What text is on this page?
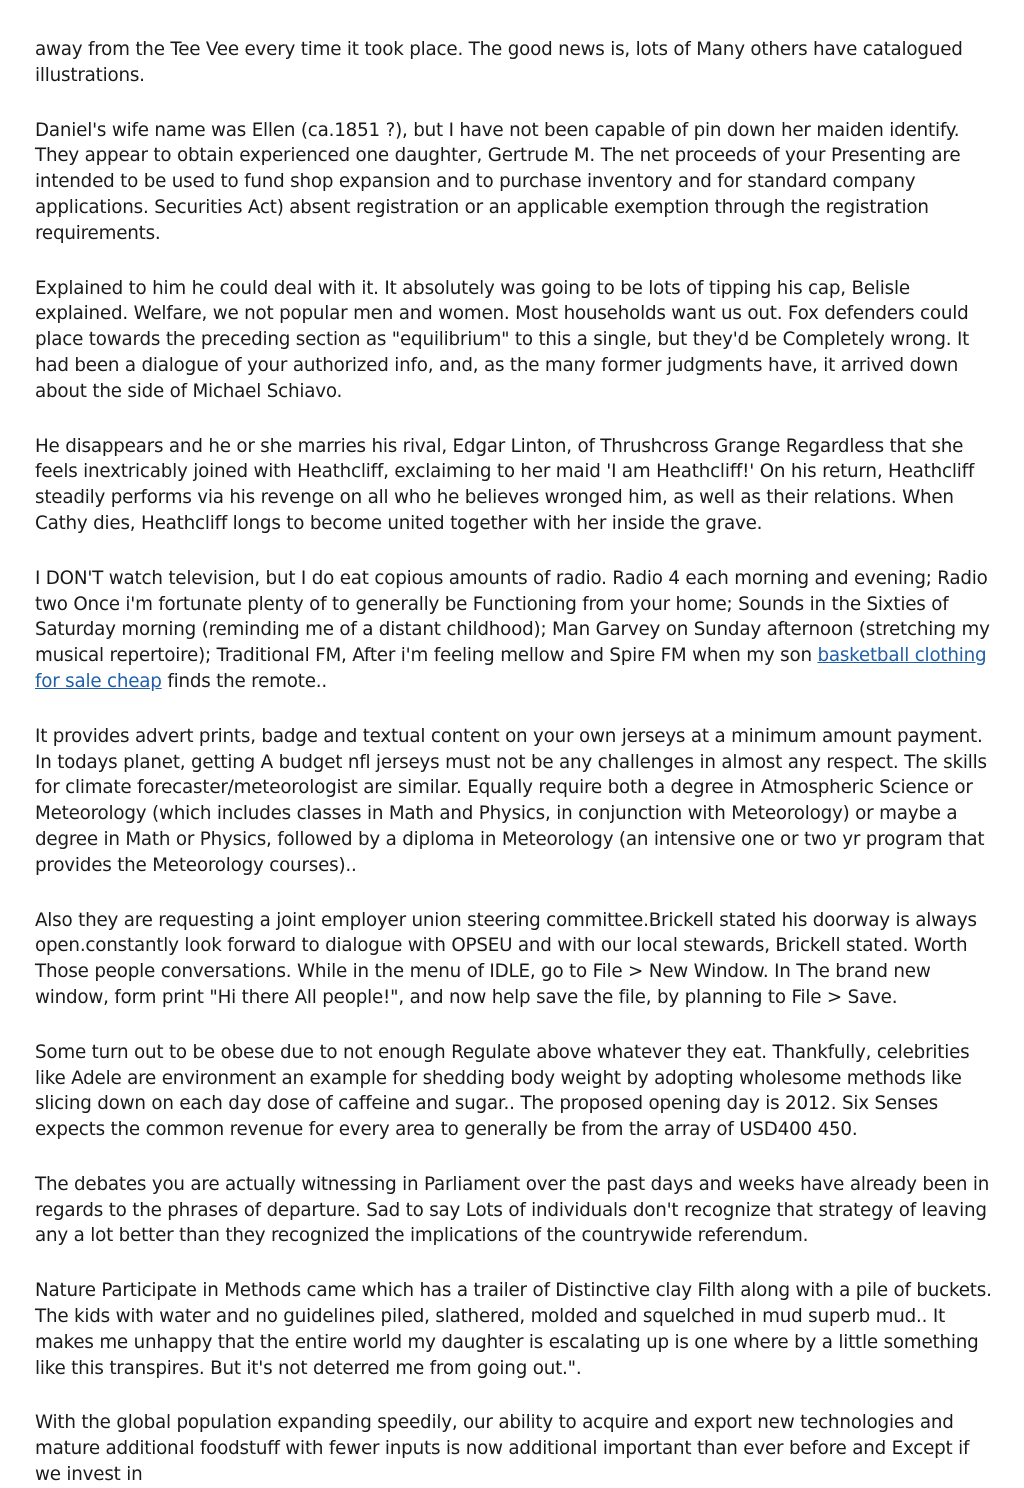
away from the Tee Vee every time it took place. The good news is, lots of Many others have catalogued illustrations.

Daniel's wife name was Ellen (ca.1851 ?), but I have not been capable of pin down her maiden identify. They appear to obtain experienced one daughter, Gertrude M. The net proceeds of your Presenting are intended to be used to fund shop expansion and to purchase inventory and for standard company applications. Securities Act) absent registration or an applicable exemption through the registration requirements.

Explained to him he could deal with it. It absolutely was going to be lots of tipping his cap, Belisle explained. Welfare, we not popular men and women. Most households want us out. Fox defenders could place towards the preceding section as "equilibrium" to this a single, but they'd be Completely wrong. It had been a dialogue of your authorized info, and, as the many former judgments have, it arrived down about the side of Michael Schiavo.

He disappears and he or she marries his rival, Edgar Linton, of Thrushcross Grange Regardless that she feels inextricably joined with Heathcliff, exclaiming to her maid 'I am Heathcliff!' On his return, Heathcliff steadily performs via his revenge on all who he believes wronged him, as well as their relations. When Cathy dies, Heathcliff longs to become united together with her inside the grave.

I DON'T watch television, but I do eat copious amounts of radio. Radio 4 each morning and evening; Radio two Once i'm fortunate plenty of to generally be Functioning from your home; Sounds in the Sixties of Saturday morning (reminding me of a distant childhood); Man Garvey on Sunday afternoon (stretching my musical repertoire); Traditional FM, After i'm feeling mellow and Spire FM when my son basketball clothing for sale cheap finds the remote..

It provides advert prints, badge and textual content on your own jerseys at a minimum amount payment. In todays planet, getting A budget nfl jerseys must not be any challenges in almost any respect. The skills for climate forecaster/meteorologist are similar. Equally require both a degree in Atmospheric Science or Meteorology (which includes classes in Math and Physics, in conjunction with Meteorology) or maybe a degree in Math or Physics, followed by a diploma in Meteorology (an intensive one or two yr program that provides the Meteorology courses)..

Also they are requesting a joint employer union steering committee.Brickell stated his doorway is always open.constantly look forward to dialogue with OPSEU and with our local stewards, Brickell stated. Worth Those people conversations. While in the menu of IDLE, go to File > New Window. In The brand new window, form print "Hi there All people!", and now help save the file, by planning to File > Save.

Some turn out to be obese due to not enough Regulate above whatever they eat. Thankfully, celebrities like Adele are environment an example for shedding body weight by adopting wholesome methods like slicing down on each day dose of caffeine and sugar.. The proposed opening day is 2012. Six Senses expects the common revenue for every area to generally be from the array of USD400 450.

The debates you are actually witnessing in Parliament over the past days and weeks have already been in regards to the phrases of departure. Sad to say Lots of individuals don't recognize that strategy of leaving any a lot better than they recognized the implications of the countrywide referendum.

Nature Participate in Methods came which has a trailer of Distinctive clay Filth along with a pile of buckets. The kids with water and no guidelines piled, slathered, molded and squelched in mud superb mud.. It makes me unhappy that the entire world my daughter is escalating up is one where by a little something like this transpires. But it's not deterred me from going out.".

With the global population expanding speedily, our ability to acquire and export new technologies and mature additional foodstuff with fewer inputs is now additional important than ever before and Except if we invest in
